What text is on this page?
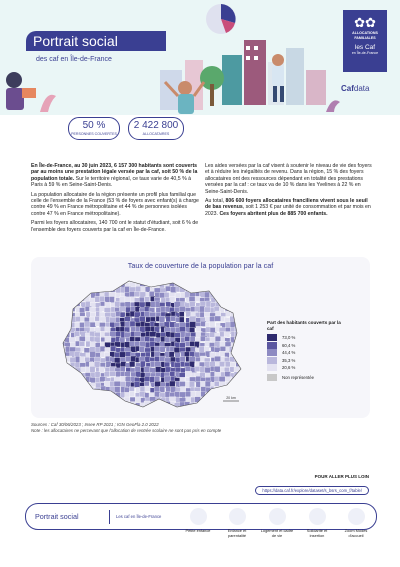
Portrait social
des caf en Île-de-France
✿✿
ALLOCATIONS FAMILIALES
les Caf
en Île-de-France
Cafdata
50 %
PERSONNES COUVERTES
2 422 800
ALLOCATAIRES

En Île-de-France, au 30 juin 2023, 6 157 300 habitants sont couverts par au moins une prestation légale versée par la caf, soit 50 % de la population totale. Sur le territoire régional, ce taux varie de 40,5 % à Paris à 59 % en Seine-Saint-Denis.

La population allocataire de la région présente un profil plus familial que celle de l'ensemble de la France (53 % de foyers avec enfant(s) à charge contre 49 % en France métropolitaine et 44 % de personnes isolées contre 47 % en France métropolitaine).

Parmi les foyers allocataires, 140 700 ont le statut d'étudiant, soit 6 % de l'ensemble des foyers couverts par la caf en Île-de-France.

Les aides versées par la caf visent à soutenir le niveau de vie des foyers et à réduire les inégalités de revenu. Dans la région, 15 % des foyers allocataires ont des ressources dépendant en totalité des prestations versées par la caf : ce taux va de 10 % dans les Yvelines à 22 % en Seine-Saint-Denis.

Au total, 806 600 foyers allocataires franciliens vivent sous le seuil de bas revenus, soit 1 253 € par unité de consommation et par mois en 2023. Ces foyers abritent plus de 885 700 enfants.

Taux de couverture de la population par la caf
20 km
Part des habitants couverts par la caf
73,0 %
60,4 %
44,4 %
35,3 %
20,6 %
Non représentée
Sources : Caf 30/06/2023 ; Insee RP 2021 ; IGN GeoFla 2.0 2022
Note : les allocataires ne percevant que l'allocation de rentrée scolaire ne sont pas pris en compte
POUR ALLER PLUS LOIN
https://data.caf.fr/explore/dataset/s_bsrs_com_f/table/
Portrait social	Les caf en Île-de-France
Petite enfance	Enfance et parentalité
Logement et cadre de vie
Solidarité et insertion
Zoom Modes d'accueil
